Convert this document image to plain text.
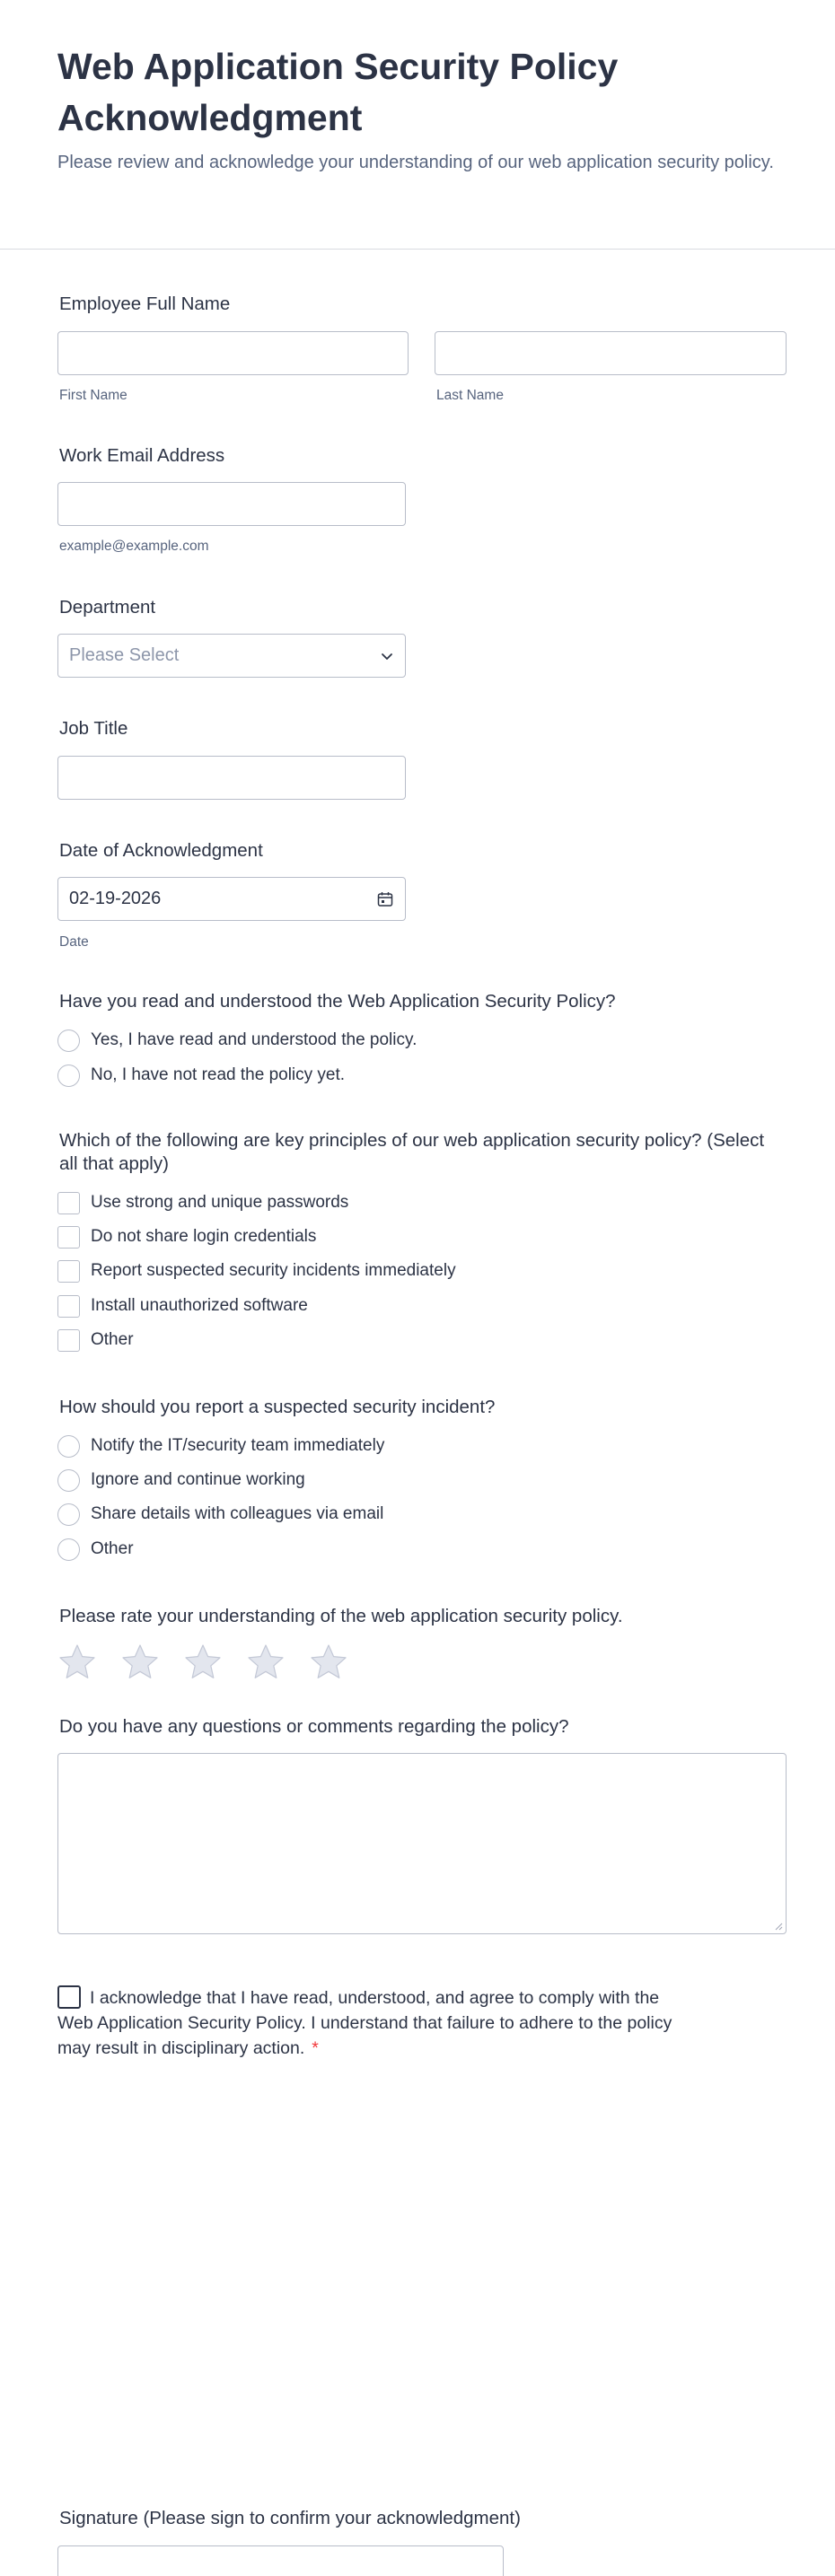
Web Application Security Policy Acknowledgment
Please review and acknowledge your understanding of our web application security policy.
Employee Full Name
First Name	Last Name
Work Email Address
example@example.com
Department
Please Select
Job Title
Date of Acknowledgment
02-19-2026
Date
Have you read and understood the Web Application Security Policy?
Yes, I have read and understood the policy.
No, I have not read the policy yet.
Which of the following are key principles of our web application security policy? (Select all that apply)
Use strong and unique passwords
Do not share login credentials
Report suspected security incidents immediately
Install unauthorized software
Other
How should you report a suspected security incident?
Notify the IT/security team immediately
Ignore and continue working
Share details with colleagues via email
Other
Please rate your understanding of the web application security policy.
Do you have any questions or comments regarding the policy?
I acknowledge that I have read, understood, and agree to comply with the Web Application Security Policy. I understand that failure to adhere to the policy may result in disciplinary action. *
Signature (Please sign to confirm your acknowledgment)
